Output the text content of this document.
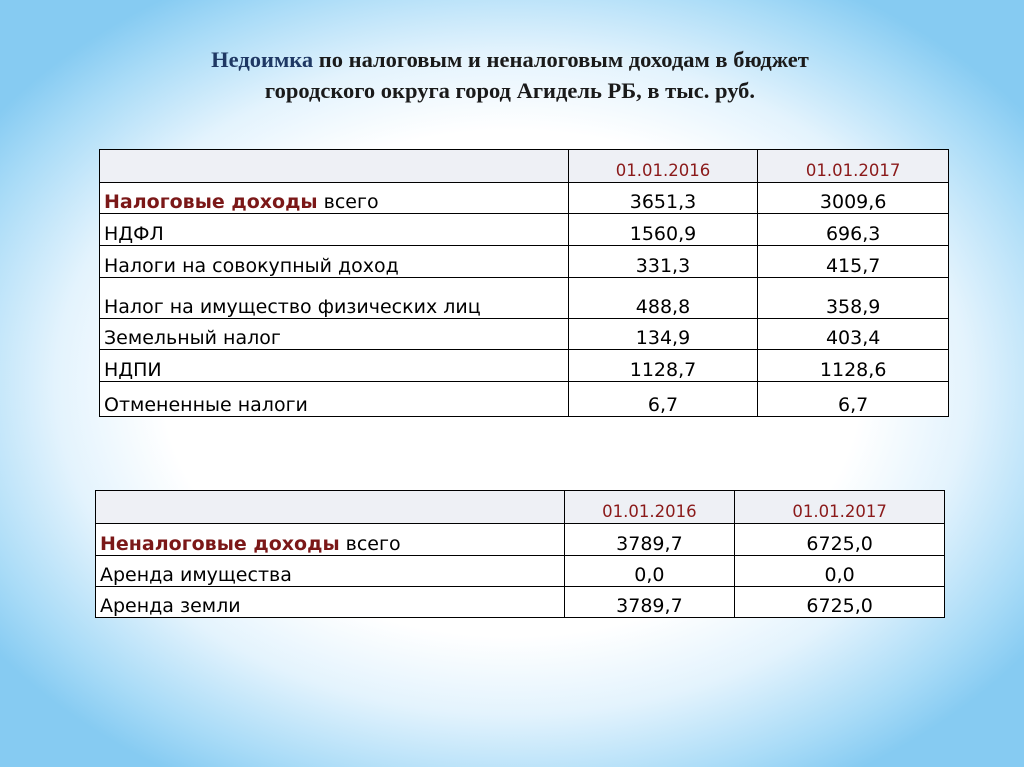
Недоимка по налоговым и неналоговым доходам в бюджет
городского округа город Агидель РБ, в тыс. руб.
	01.01.2016	01.01.2017
Налоговые доходы всего	3651,3	3009,6
НДФЛ	1560,9	696,3
Налоги на совокупный доход	331,3	415,7
Налог на имущество физических лиц	488,8	358,9
Земельный налог	134,9	403,4
НДПИ	1128,7	1128,6
Отмененные налоги	6,7	6,7
	01.01.2016	01.01.2017
Неналоговые доходы всего	3789,7	6725,0
Аренда имущества	0,0	0,0
Аренда земли	3789,7	6725,0
